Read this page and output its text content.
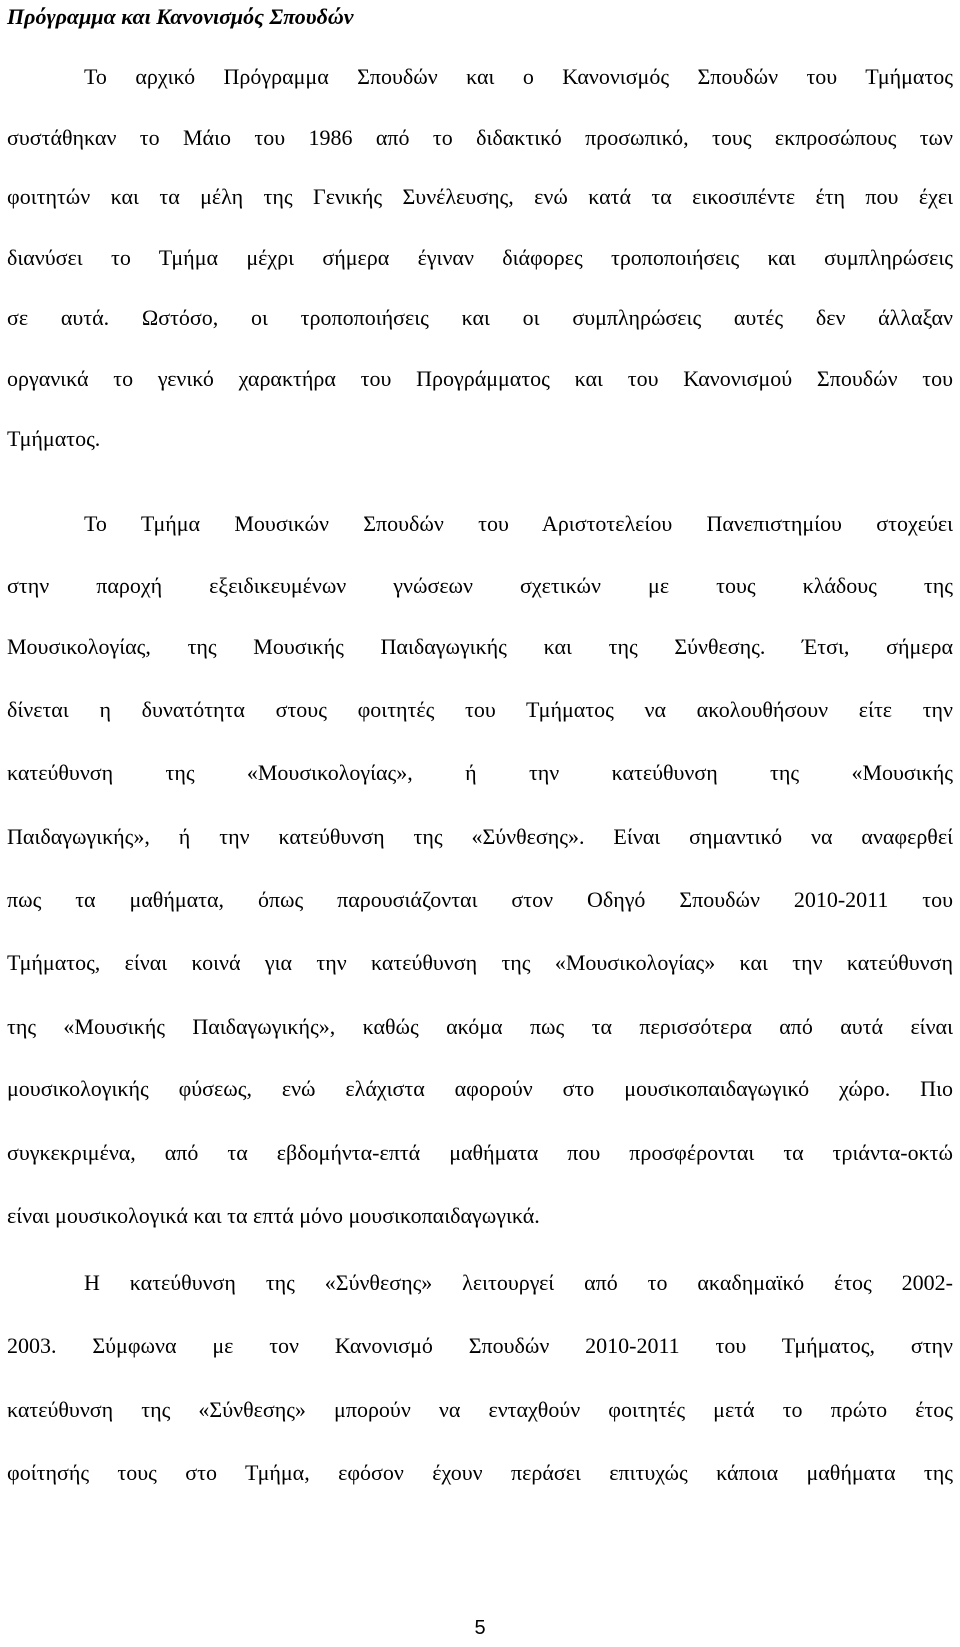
Πρόγραμμα και Κανονισμός Σπουδών
Το αρχικό Πρόγραμμα Σπουδών και ο Κανονισμός Σπουδών του Τμήματος
συστάθηκαν το Μάιο του 1986 από το διδακτικό προσωπικό, τους εκπροσώπους των
φοιτητών και τα μέλη της Γενικής Συνέλευσης, ενώ κατά τα εικοσιπέντε έτη που έχει
διανύσει το Τμήμα μέχρι σήμερα έγιναν διάφορες τροποποιήσεις και συμπληρώσεις
σε αυτά. Ωστόσο, οι τροποποιήσεις και οι συμπληρώσεις αυτές δεν άλλαξαν
οργανικά το γενικό χαρακτήρα του Προγράμματος και του Κανονισμού Σπουδών του
Τμήματος.
Το Τμήμα Μουσικών Σπουδών του Αριστοτελείου Πανεπιστημίου στοχεύει
στην παροχή εξειδικευμένων γνώσεων σχετικών με τους κλάδους της
Μουσικολογίας, της Μουσικής Παιδαγωγικής και της Σύνθεσης. Έτσι, σήμερα
δίνεται η δυνατότητα στους φοιτητές του Τμήματος να ακολουθήσουν είτε την
κατεύθυνση της «Μουσικολογίας», ή την κατεύθυνση της «Μουσικής
Παιδαγωγικής», ή την κατεύθυνση της «Σύνθεσης». Είναι σημαντικό να αναφερθεί
πως τα μαθήματα, όπως παρουσιάζονται στον Οδηγό Σπουδών 2010-2011 του
Τμήματος, είναι κοινά για την κατεύθυνση της «Μουσικολογίας» και την κατεύθυνση
της «Μουσικής Παιδαγωγικής», καθώς ακόμα πως τα περισσότερα από αυτά είναι
μουσικολογικής φύσεως, ενώ ελάχιστα αφορούν στο μουσικοπαιδαγωγικό χώρο. Πιο
συγκεκριμένα, από τα εβδομήντα-επτά μαθήματα που προσφέρονται τα τριάντα-οκτώ
είναι μουσικολογικά και τα επτά μόνο μουσικοπαιδαγωγικά.
Η κατεύθυνση της «Σύνθεσης» λειτουργεί από το ακαδημαϊκό έτος 2002-
2003. Σύμφωνα με τον Κανονισμό Σπουδών 2010-2011 του Τμήματος, στην
κατεύθυνση της «Σύνθεσης» μπορούν να ενταχθούν φοιτητές μετά το πρώτο έτος
φοίτησής τους στο Τμήμα, εφόσον έχουν περάσει επιτυχώς κάποια μαθήματα της
5
